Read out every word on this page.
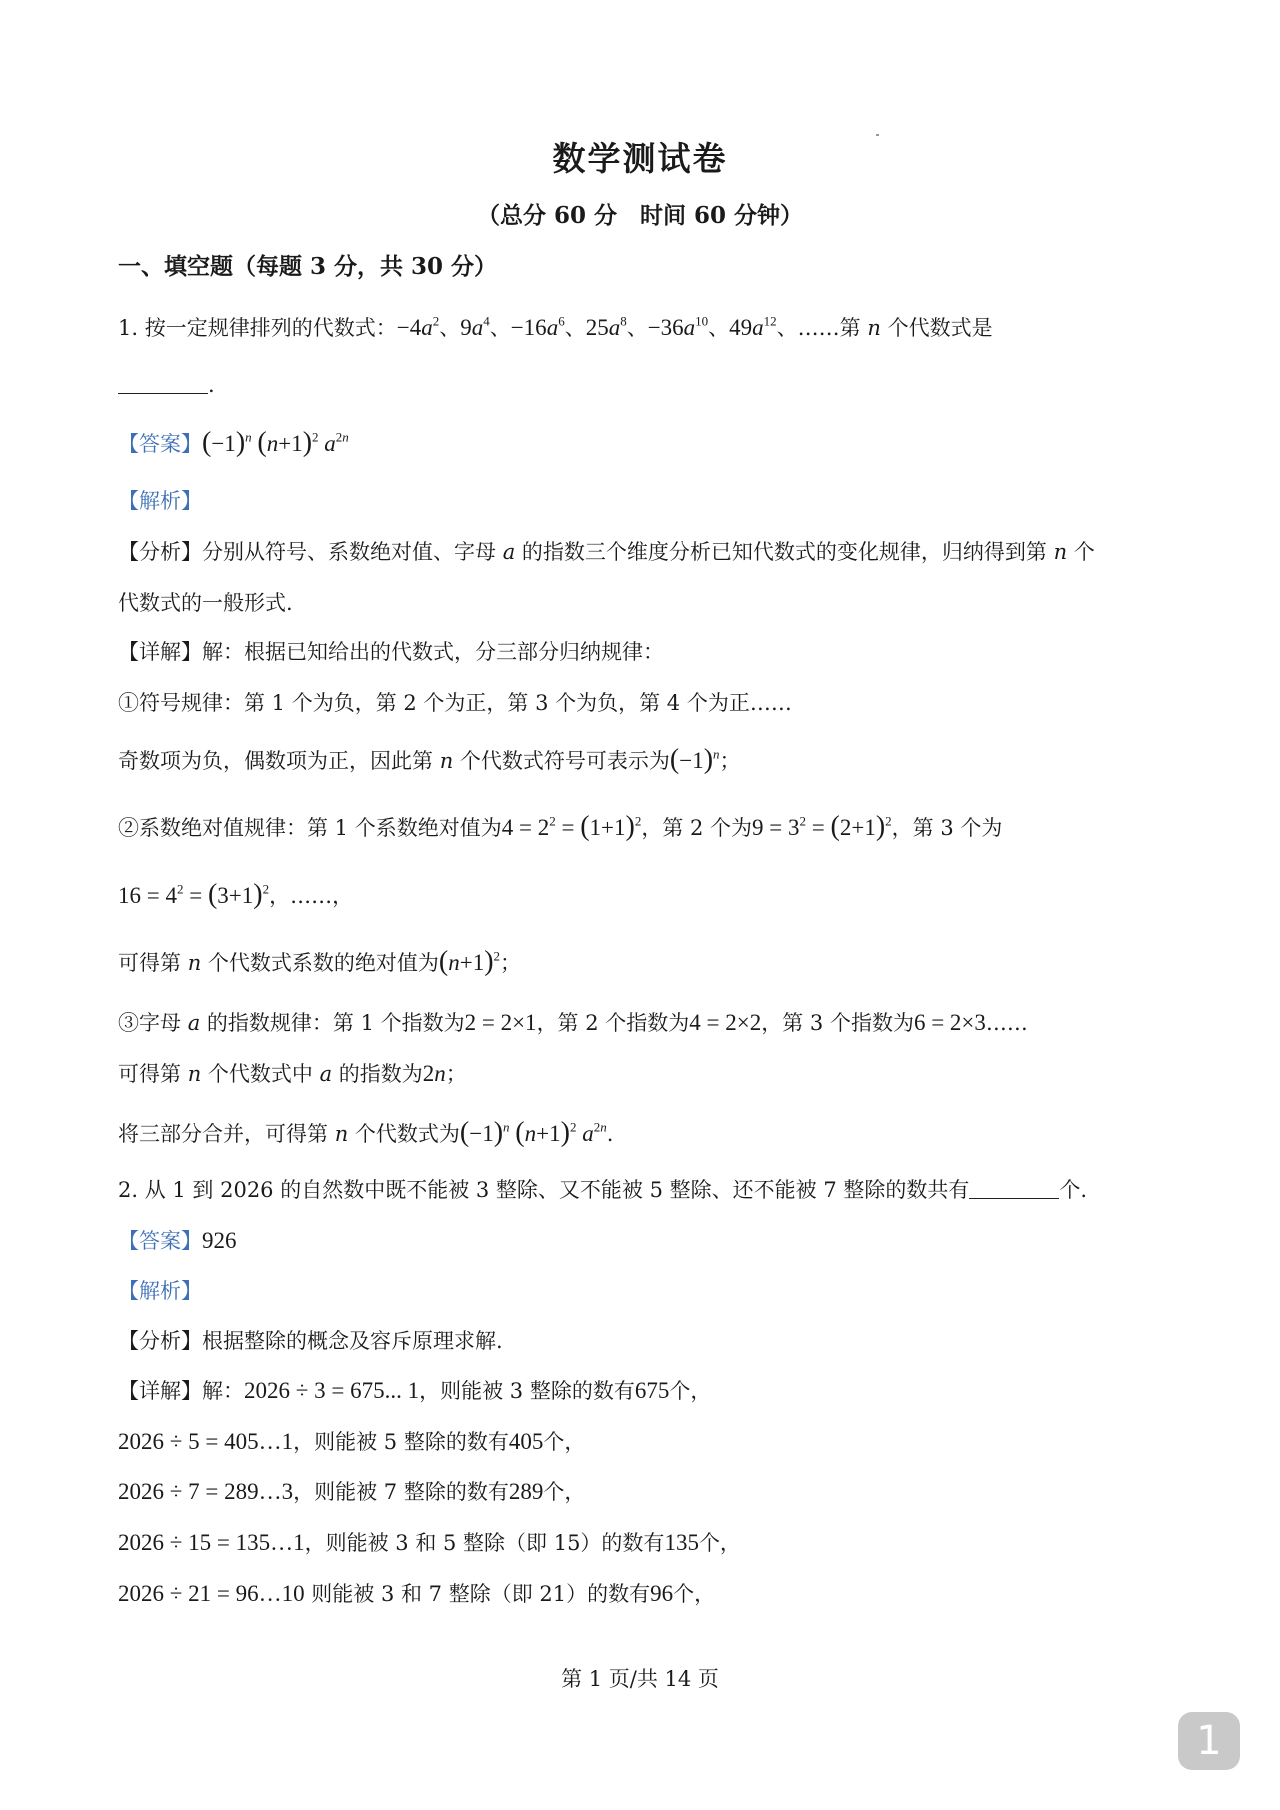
数学测试卷
（总分 60 分　时间 60 分钟）
一、填空题（每题 3 分，共 30 分）
1. 按一定规律排列的代数式：$-4a^2$、$9a^4$、$-16a^6$、$25a^8$、$-36a^{10}$、$49a^{12}$、……第 n 个代数式是
.
【答案】$(-1)^n$ $(n+1)^2$ $a^{2n}$
【解析】
【分析】分别从符号、系数绝对值、字母 a 的指数三个维度分析已知代数式的变化规律，归纳得到第 n 个
代数式的一般形式.
【详解】解：根据已知给出的代数式，分三部分归纳规律：
①符号规律：第 1 个为负，第 2 个为正，第 3 个为负，第 4 个为正……
奇数项为负，偶数项为正，因此第 n 个代数式符号可表示为$(-1)^n$；
②系数绝对值规律：第 1 个系数绝对值为$4 = 2^2 = (1+1)^2$，第 2 个为$9 = 3^2 = (2+1)^2$，第 3 个为
$16 = 4^2 = (3+1)^2$，……，
可得第 n 个代数式系数的绝对值为$(n+1)^2$；
③字母 a 的指数规律：第 1 个指数为2 = 2×1，第 2 个指数为4 = 2×2，第 3 个指数为6 = 2×3……
可得第 n 个代数式中 a 的指数为2n；
将三部分合并，可得第 n 个代数式为$(-1)^n$ $(n+1)^2$ $a^{2n}$.
2. 从 1 到 2026 的自然数中既不能被 3 整除、又不能被 5 整除、还不能被 7 整除的数共有	个.
【答案】926
【解析】
【分析】根据整除的概念及容斥原理求解.
【详解】解：2026 ÷ 3 = 675... 1，则能被 3 整除的数有675个，
2026 ÷ 5 = 405…1，则能被 5 整除的数有405个，
2026 ÷ 7 = 289…3，则能被 7 整除的数有289个，
2026 ÷ 15 = 135…1，则能被 3 和 5 整除（即 15）的数有135个，
2026 ÷ 21 = 96…10 则能被 3 和 7 整除（即 21）的数有96个，
第 1 页/共 14 页
1
